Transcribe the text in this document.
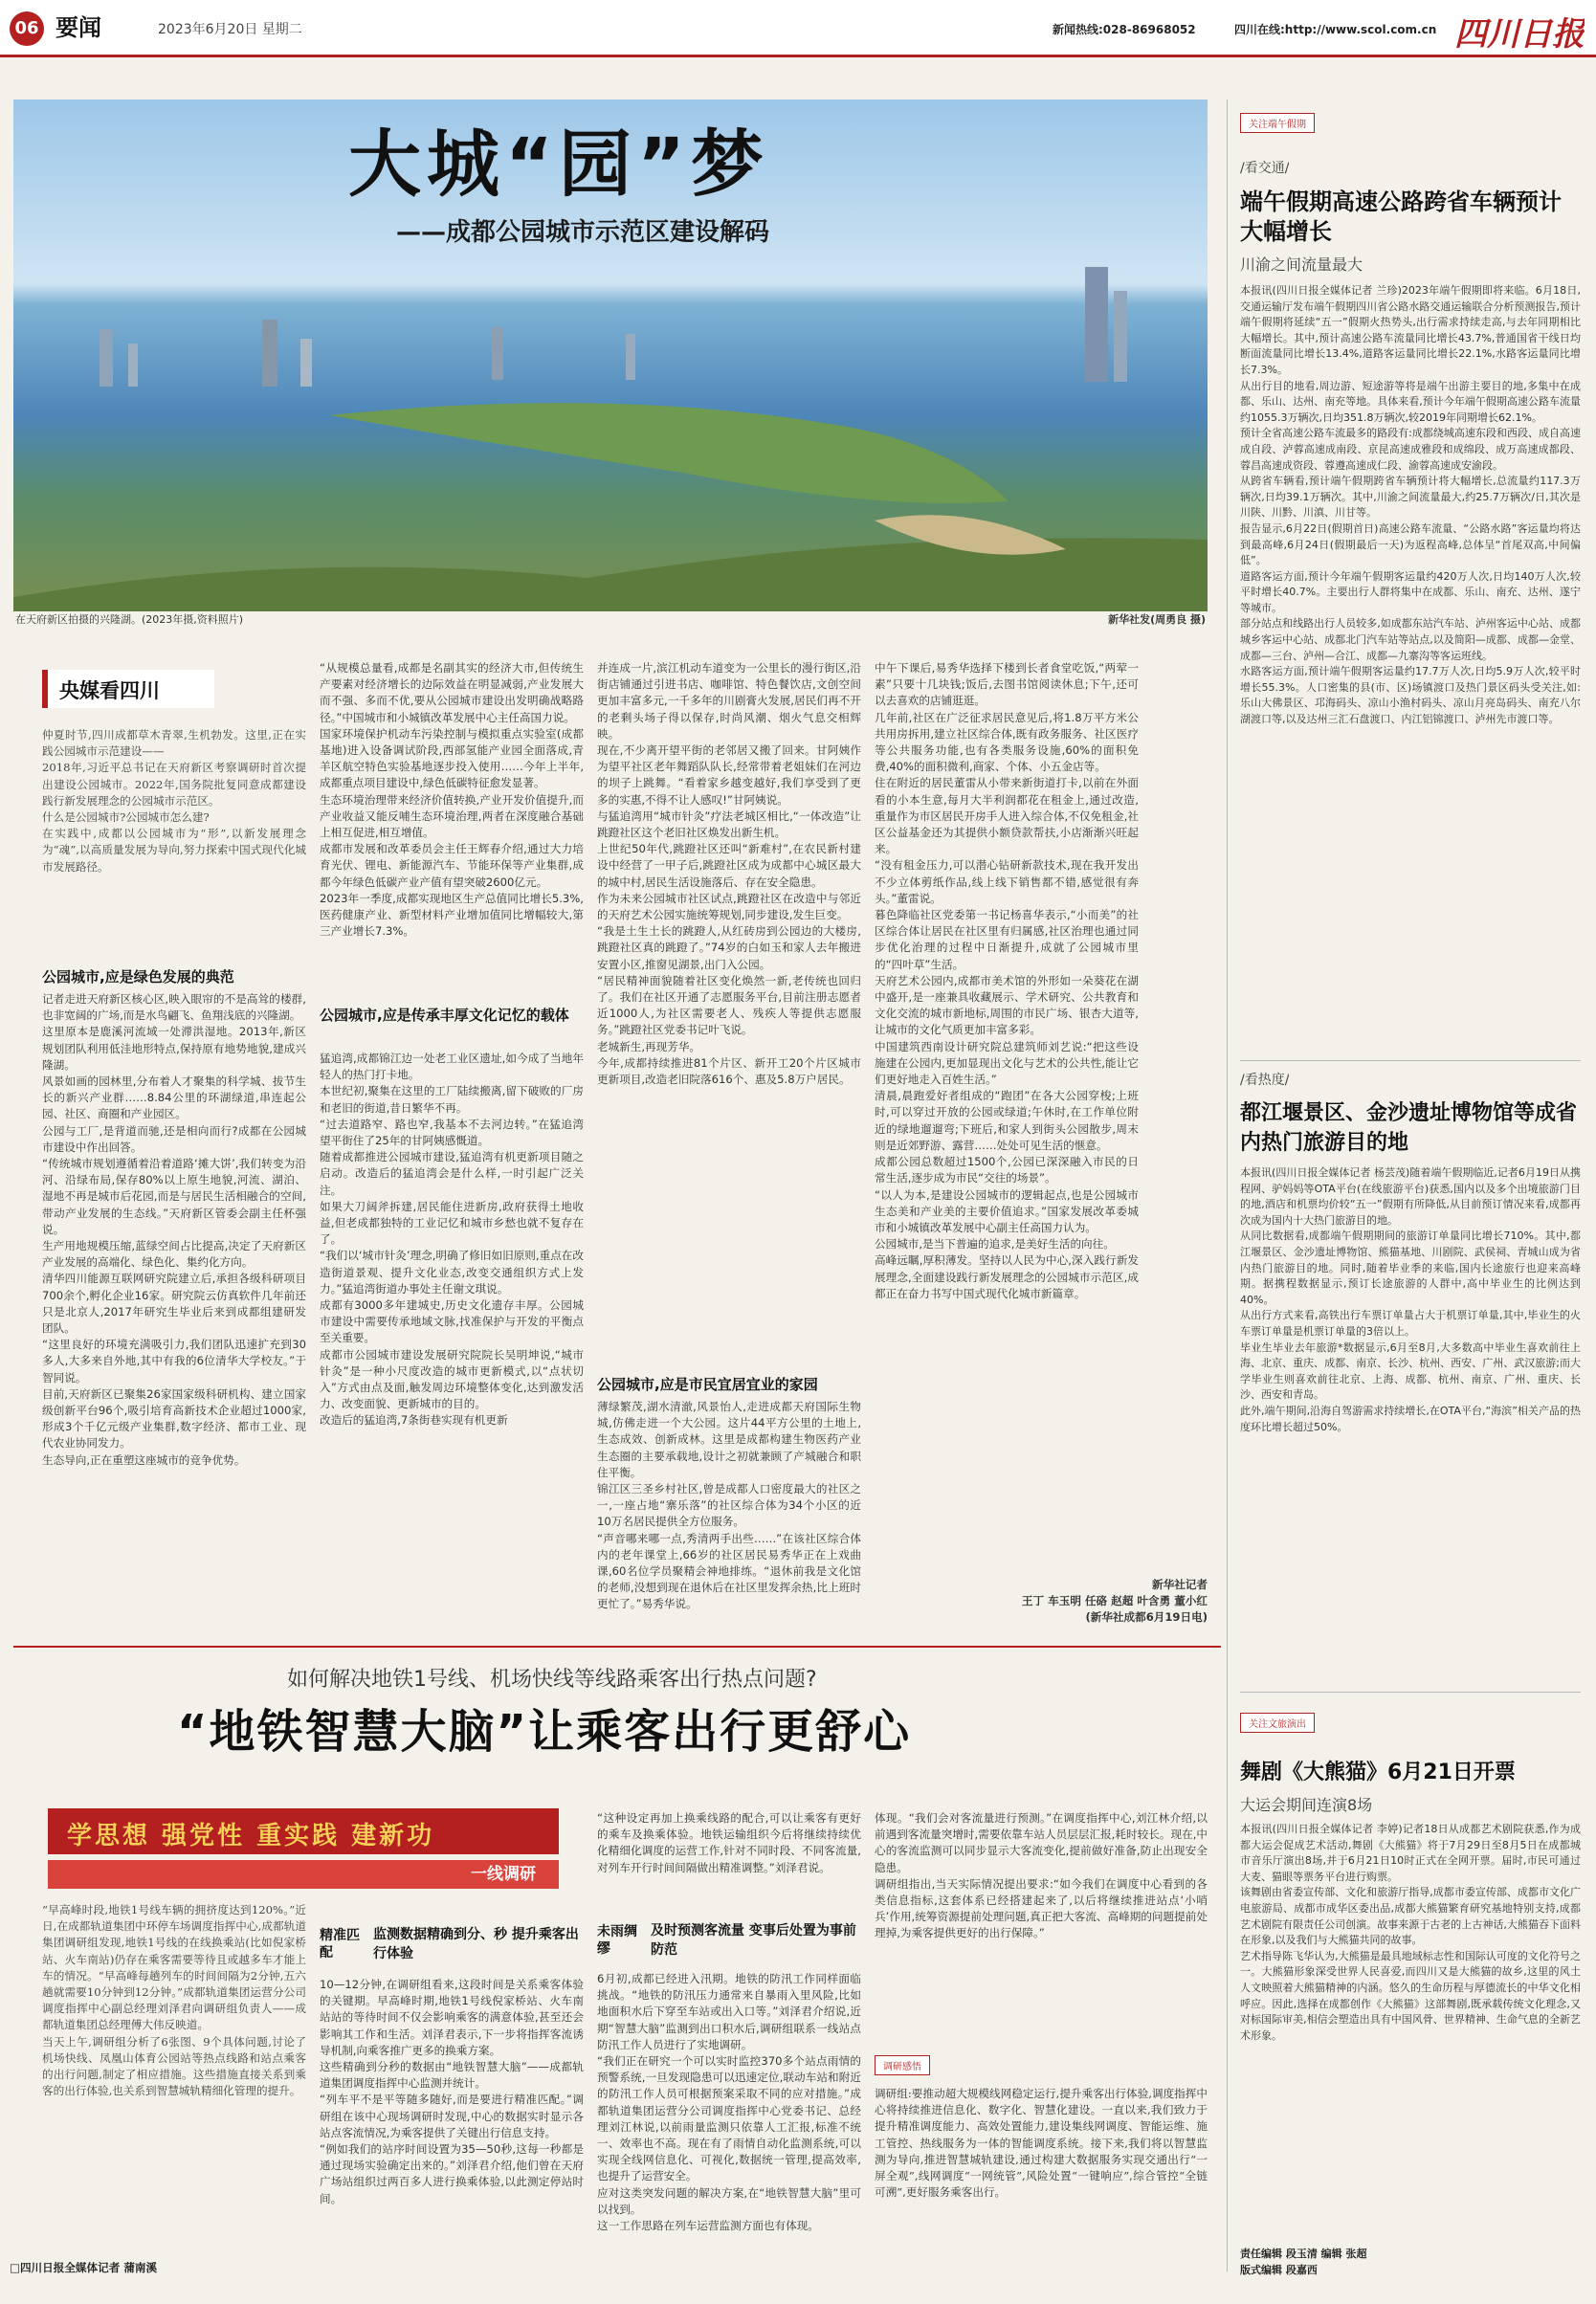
06 要闻	2023年6月20日 星期二	新闻热线:028-86968052	四川在线:http://www.scol.com.cn 四川日报
大城“园”梦
——成都公园城市示范区建设解码
在天府新区拍摄的兴隆湖。(2023年摄,资料照片)	新华社发(周勇良 摄)
央媒看四川
仲夏时节,四川成都草木青翠,生机勃发。这里,正在实践公园城市示范建设——
2018年,习近平总书记在天府新区考察调研时首次提出建设公园城市。2022年,国务院批复同意成都建设践行新发展理念的公园城市示范区。
什么是公园城市?公园城市怎么建?
在实践中,成都以公园城市为“形”,以新发展理念为“魂”,以高质量发展为导向,努力探索中国式现代化城市发展路径。
公园城市,应是绿色发展的典范
记者走进天府新区核心区,映入眼帘的不是高耸的楼群,也非宽阔的广场,而是水鸟翩飞、鱼翔浅底的兴隆湖。
这里原本是鹿溪河流域一处滞洪湿地。2013年,新区规划团队利用低洼地形特点,保持原有地势地貌,建成兴隆湖。
风景如画的园林里,分布着人才聚集的科学城、拔节生长的新兴产业群……8.84公里的环湖绿道,串连起公园、社区、商圈和产业园区。
公园与工厂,是背道而驰,还是相向而行?成都在公园城市建设中作出回答。
“传统城市规划遵循着沿着道路‘摊大饼’,我们转变为沿河、沿绿布局,保存80%以上原生地貌,河流、湖泊、湿地不再是城市后花园,而是与居民生活相融合的空间,带动产业发展的生态线。”天府新区管委会副主任杯强说。
生产用地规模压缩,蓝绿空间占比提高,决定了天府新区产业发展的高端化、绿色化、集约化方向。
清华四川能源互联网研究院建立后,承担各级科研项目700余个,孵化企业16家。研究院云仿真软件几年前还只是北京人,2017年研究生毕业后来到成都组建研发团队。
“这里良好的环境充满吸引力,我们团队迅速扩充到30多人,大多来自外地,其中有我的6位清华大学校友。”于智同说。
目前,天府新区已聚集26家国家级科研机构、建立国家级创新平台96个,吸引培育高新技术企业超过1000家,形成3个千亿元级产业集群,数字经济、都市工业、现代农业协同发力。
生态导向,正在重塑这座城市的竞争优势。
“从规模总量看,成都是名副其实的经济大市,但传统生产要素对经济增长的边际效益在明显减弱,产业发展大而不强、多而不优,要从公园城市建设出发明确战略路径。”中国城市和小城镇改革发展中心主任高国力说。
国家环境保护机动车污染控制与模拟重点实验室(成都基地)进入设备调试阶段,西部氢能产业园全面落成,青羊区航空特色实验基地逐步投入使用……今年上半年,成都重点项目建设中,绿色低碳特征愈发显著。
生态环境治理带来经济价值转换,产业开发价值提升,而产业收益又能反哺生态环境治理,两者在深度融合基础上相互促进,相互增值。
成都市发展和改革委员会主任王辉春介绍,通过大力培育光伏、锂电、新能源汽车、节能环保等产业集群,成都今年绿色低碳产业产值有望突破2600亿元。
2023年一季度,成都实现地区生产总值同比增长5.3%,医药健康产业、新型材料产业增加值同比增幅较大,第三产业增长7.3%。
公园城市,应是传承丰厚文化记忆的载体
猛追湾,成都锦江边一处老工业区遗址,如今成了当地年轻人的热门打卡地。
本世纪初,聚集在这里的工厂陆续搬离,留下破败的厂房和老旧的街道,昔日繁华不再。
“过去道路窄、路也窄,我基本不去河边转。”在猛追湾望平街住了25年的甘阿姨感慨道。
随着成都推进公园城市建设,猛追湾有机更新项目随之启动。改造后的猛追湾会是什么样,一时引起广泛关注。
如果大刀阔斧拆建,居民能住进新房,政府获得土地收益,但老成都独特的工业记忆和城市乡愁也就不复存在了。
“我们以‘城市针灸’理念,明确了修旧如旧原则,重点在改造街道景观、提升文化业态,改变交通组织方式上发力。”猛追湾街道办事处主任谢文琪说。
成都有3000多年建城史,历史文化遗存丰厚。公园城市建设中需要传承地域文脉,找准保护与开发的平衡点至关重要。
成都市公园城市建设发展研究院院长吴明坤说,“城市针灸”是一种小尺度改造的城市更新模式,以“点状切入”方式由点及面,触发周边环境整体变化,达到激发活力、改变面貌、更新城市的目的。
改造后的猛追湾,7条街巷实现有机更新
并连成一片,滨江机动车道变为一公里长的漫行街区,沿街店铺通过引进书店、咖啡馆、特色餐饮店,文创空间更加丰富多元,一千多年的川剧膏火发展,居民们再不开的老剩头场子得以保存,时尚风潮、烟火气息交相辉映。
现在,不少离开望平街的老邻居又搬了回来。甘阿姨作为望平社区老年舞蹈队队长,经常带着老姐妹们在河边的坝子上跳舞。“看着家乡越变越好,我们享受到了更多的实惠,不得不让人感叹!”甘阿姨说。
与猛追湾用“城市针灸”疗法老城区相比,“一体改造”让跳蹬社区这个老旧社区焕发出新生机。
上世纪50年代,跳蹬社区还叫“新难村”,在农民新村建设中经营了一甲子后,跳蹬社区成为成都中心城区最大的城中村,居民生活设施落后、存在安全隐患。
作为未来公园城市社区试点,跳蹬社区在改造中与邻近的天府艺术公园实施统筹规划,同步建设,发生巨变。
“我是土生土长的跳蹬人,从红砖房到公园边的大楼房,跳蹬社区真的跳蹬了。”74岁的白如玉和家人去年搬进安置小区,推窗见湖景,出门入公园。
“居民精神面貌随着社区变化焕然一新,老传统也回归了。我们在社区开通了志愿服务平台,目前注册志愿者近1000人,为社区需要老人、残疾人等提供志愿服务。”跳蹬社区党委书记叶飞说。
老城新生,再现芳华。
今年,成都持续推进81个片区、新开工20个片区城市更新项目,改造老旧院落616个、惠及5.8万户居民。
公园城市,应是市民宜居宜业的家园
薄绿繁茂,湖水清澈,风景怡人,走进成都天府国际生物城,仿佛走进一个大公园。这片44平方公里的土地上,生态成效、创新成林。这里是成都构建生物医药产业生态圈的主要承载地,设计之初就兼顾了产城融合和职住平衡。
锦江区三圣乡村社区,曾是成都人口密度最大的社区之一,一座占地“寨乐落”的社区综合体为34个小区的近10万名居民提供全方位服务。
“声音哪来哪一点,秀清两手出些……”在该社区综合体内的老年课堂上,66岁的社区居民易秀华正在上戏曲课,60名位学员聚精会神地排练。“退休前我是文化馆的老师,没想到现在退休后在社区里发挥余热,比上班时更忙了。”易秀华说。
中午下课后,易秀华选择下楼到长者食堂吃饭,“两荤一素”只要十几块钱;饭后,去图书馆阅读休息;下午,还可以去喜欢的店铺逛逛。
几年前,社区在广泛征求居民意见后,将1.8万平方米公共用房拆用,建立社区综合体,既有政务服务、社区医疗等公共服务功能,也有各类服务设施,60%的面积免费,40%的面积微利,商家、个体、小五金店等。
住在附近的居民董雷从小带来新街道打卡,以前在外面看的小本生意,每月大半利润都花在租金上,通过改造,重量作为市区居民开房手人进入综合体,不仅免租金,社区公益基金还为其提供小额贷款帮扶,小店渐渐兴旺起来。
“没有租金压力,可以潜心钻研新款技术,现在我开发出不少立体剪纸作品,线上线下销售都不错,感觉很有奔头。”董雷说。
暮色降临社区党委第一书记杨喜华表示,“小而美”的社区综合体让居民在社区里有归属感,社区治理也通过同步优化治理的过程中日渐提升,成就了公园城市里的“四叶草”生活。
天府艺术公园内,成都市美术馆的外形如一朵葵花在湖中盛开,是一座兼具收藏展示、学术研究、公共教育和文化交流的城市新地标,周围的市民广场、银杏大道等,让城市的文化气质更加丰富多彩。
中国建筑西南设计研究院总建筑师刘艺说:“把这些设施建在公园内,更加显现出文化与艺术的公共性,能让它们更好地走入百姓生活。”
清晨,晨跑爱好者组成的“跑团”在各大公园穿梭;上班时,可以穿过开放的公园或绿道;午休时,在工作单位附近的绿地遛遛弯;下班后,和家人到街头公园散步,周末则是近郊野游、露营……处处可见生活的惬意。
成都公园总数超过1500个,公园已深深融入市民的日常生活,逐步成为市民“交往的场景”。
“以人为本,是建设公园城市的逻辑起点,也是公园城市生态美和产业美的主要价值追求。”国家发展改革委城市和小城镇改革发展中心副主任高国力认为。
公园城市,是当下普遍的追求,是美好生活的向往。
高峰远瞩,厚积薄发。坚持以人民为中心,深入践行新发展理念,全面建设践行新发展理念的公园城市示范区,成都正在奋力书写中国式现代化城市新篇章。
新华社记者
王丁 车玉明 任硌 赵超 叶含勇 董小红
(新华社成都6月19日电)
关注端午假期
/看交通/
端午假期高速公路跨省车辆预计大幅增长
川渝之间流量最大
本报讯(四川日报全媒体记者 兰珍)2023年端午假期即将来临。6月18日,交通运输厅发布端午假期四川省公路水路交通运输联合分析预测报告,预计端午假期将延续“五一”假期火热势头,出行需求持续走高,与去年同期相比大幅增长。其中,预计高速公路车流量同比增长43.7%,普通国省干线日均断面流量同比增长13.4%,道路客运量同比增长22.1%,水路客运量同比增长7.3%。
从出行目的地看,周边游、短途游等将是端午出游主要目的地,多集中在成都、乐山、达州、南充等地。具体来看,预计今年端午假期高速公路车流量约1055.3万辆次,日均351.8万辆次,较2019年同期增长62.1%。
预计全省高速公路车流最多的路段有:成都绕城高速东段和西段、成自高速成自段、泸蓉高速成南段、京昆高速成雅段和成绵段、成万高速成都段、蓉昌高速成资段、蓉遵高速成仁段、渝蓉高速成安渝段。
从跨省车辆看,预计端午假期跨省车辆预计将大幅增长,总流量约117.3万辆次,日均39.1万辆次。其中,川渝之间流量最大,约25.7万辆次/日,其次是川陕、川黔、川滇、川甘等。
报告显示,6月22日(假期首日)高速公路车流量、“公路水路”客运量均将达到最高峰,6月24日(假期最后一天)为返程高峰,总体呈“首尾双高,中间偏低”。
道路客运方面,预计今年端午假期客运量约420万人次,日均140万人次,较平时增长40.7%。主要出行人群将集中在成都、乐山、南充、达州、遂宁等城市。
部分站点和线路出行人员较多,如成都东站汽车站、泸州客运中心站、成都城乡客运中心站、成都北门汽车站等站点,以及简阳—成都、成都—金堂、成都—三台、泸州—合江、成都—九寨沟等客运班线。
水路客运方面,预计端午假期客运量约17.7万人次,日均5.9万人次,较平时增长55.3%。人口密集的县(市、区)场镇渡口及热门景区码头受关注,如:乐山大佛景区、邛海码头、凉山小渔村码头、凉山月亮岛码头、南充八尔湖渡口等,以及达州三汇石盘渡口、内江铝锦渡口、泸州先市渡口等。
/看热度/
都江堰景区、金沙遗址博物馆等成省内热门旅游目的地
本报讯(四川日报全媒体记者 杨芸茂)随着端午假期临近,记者6月19日从携程网、驴妈妈等OTA平台(在线旅游平台)获悉,国内以及多个出境旅游门目的地,酒店和机票均价较“五一”假期有所降低,从目前预订情况来看,成都再次成为国内十大热门旅游目的地。
从同比数据看,成都端午假期期间的旅游订单量同比增长710%。其中,都江堰景区、金沙遗址博物馆、熊猫基地、川剧院、武侯祠、青城山成为省内热门旅游目的地。同时,随着毕业季的来临,国内长途旅行也迎来高峰期。据携程数据显示,预订长途旅游的人群中,高中毕业生的比例达到40%。
从出行方式来看,高铁出行车票订单量占大于机票订单量,其中,毕业生的火车票订单量是机票订单量的3倍以上。
毕业生毕业去年旅游*数据显示,6月至8月,大多数高中毕业生喜欢前往上海、北京、重庆、成都、南京、长沙、杭州、西安、广州、武汉旅游;而大学毕业生则喜欢前往北京、上海、成都、杭州、南京、广州、重庆、长沙、西安和青岛。
此外,端午期间,沿海自驾游需求持续增长,在OTA平台,“海滨”相关产品的热度环比增长超过50%。
关注文旅演出
舞剧《大熊猫》6月21日开票
大运会期间连演8场
本报讯(四川日报全媒体记者 李婷)记者18日从成都艺术剧院获悉,作为成都大运会促成艺术活动,舞剧《大熊猫》将于7月29日至8月5日在成都城市音乐厅演出8场,并于6月21日10时正式在全网开票。届时,市民可通过大麦、猫眼等票务平台进行购票。
该舞剧由省委宣传部、文化和旅游厅指导,成都市委宣传部、成都市文化广电旅游局、成都市成华区委出品,成都大熊猫繁育研究基地特别支持,成都艺术剧院有限责任公司创演。故事来源于古老的上古神话,大熊猫吞下面料在形象,以及我们与大熊猫共同的故事。
艺术指导陈飞华认为,大熊猫是最具地域标志性和国际认可度的文化符号之一。大熊猫形象深受世界人民喜爱,而四川又是大熊猫的故乡,这里的风土人文映照着大熊猫精神的内涵。悠久的生命历程与厚德流长的中华文化相呼应。因此,选择在成都创作《大熊猫》这部舞剧,既承载传统文化理念,又对标国际审美,相信会塑造出具有中国风骨、世界精神、生命气息的全新艺术形象。
责任编辑 段玉清 编辑 张超
版式编辑 段嘉西
如何解决地铁1号线、机场快线等线路乘客出行热点问题?
“地铁智慧大脑”让乘客出行更舒心
学思想 强党性 重实践 建新功
一线调研
“早高峰时段,地铁1号线车辆的拥挤度达到120%。”近日,在成都轨道集团中环停车场调度指挥中心,成都轨道集团调研组发现,地铁1号线的在线换乘站(比如倪家桥站、火车南站)仍存在乘客需要等待且或越多车才能上车的情况。“早高峰每趟列车的时间间隔为2分钟,五六趟就需要10分钟到12分钟。”成都轨道集团运营分公司调度指挥中心副总经理刘泽君向调研组负责人——成都轨道集团总经理傅大伟反映道。
当天上午,调研组分析了6张图、9个具体问题,讨论了机场快线、凤凰山体育公园站等热点线路和站点乘客的出行问题,制定了相应措施。这些措施直接关系到乘客的出行体验,也关系到智慧城轨精细化管理的提升。
□四川日报全媒体记者 蒲南溪
精准匹配
监测数据精确到分、秒 提升乘客出行体验
10—12分钟,在调研组看来,这段时间是关系乘客体验的关键期。早高峰时期,地铁1号线倪家桥站、火车南站站的等待时间不仅会影响乘客的满意体验,甚至还会影响其工作和生活。刘泽君表示,下一步将指挥客流诱导机制,向乘客推广更多的换乘方案。
这些精确到分秒的数据由“地铁智慧大脑”——成都轨道集团调度指挥中心监测并统计。
“列车平不是平等随多随好,而是要进行精准匹配。”调研组在该中心现场调研时发现,中心的数据实时显示各站点客流情况,为乘客提供了关键出行信息支持。
“例如我们的站序时间设置为35—50秒,这每一秒都是通过现场实验确定出来的。”刘泽君介绍,他们曾在天府广场站组织过两百多人进行换乘体验,以此测定停站时间。
“这种设定再加上换乘线路的配合,可以让乘客有更好的乘车及换乘体验。地铁运输组织今后将继续持续优化精细化调度的运营工作,针对不同时段、不同客流量,对列车开行时间间隔做出精准调整。”刘泽君说。
未雨绸缪
及时预测客流量 变事后处置为事前防范
6月初,成都已经进入汛期。地铁的防汛工作同样面临挑战。“地铁的防汛压力通常来自暴雨入里风险,比如地面积水后下穿至车站或出入口等。”刘泽君介绍说,近期“智慧大脑”监测到出口积水后,调研组联系一线站点防汛工作人员进行了实地调研。
“我们正在研究一个可以实时监控370多个站点雨情的预警系统,一旦发现隐患可以迅速定位,联动车站和附近的防汛工作人员可根据预案采取不同的应对措施。”成都轨道集团运营分公司调度指挥中心党委书记、总经理刘江林说,以前雨量监测只依靠人工汇报,标准不统一、效率也不高。现在有了雨情自动化监测系统,可以实现全线网信息化、可视化,数据统一管理,提高效率,也提升了运营安全。
应对这类突发问题的解决方案,在“地铁智慧大脑”里可以找到。
这一工作思路在列车运营监测方面也有体现。
体现。“我们会对客流量进行预测。”在调度指挥中心,刘江林介绍,以前遇到客流量突增时,需要依靠车站人员层层汇报,耗时较长。现在,中心的客流监测可以同步显示大客流变化,提前做好准备,防止出现安全隐患。
调研组指出,当天实际情况提出要求:“如今我们在调度中心看到的各类信息指标,这套体系已经搭建起来了,以后将继续推进站点‘小哨兵’作用,统筹资源提前处理问题,真正把大客流、高峰期的问题提前处理掉,为乘客提供更好的出行保障。”
调研感悟
调研组:要推动超大规模线网稳定运行,提升乘客出行体验,调度指挥中心将持续推进信息化、数字化、智慧化建设。一直以来,我们致力于提升精准调度能力、高效处置能力,建设集线网调度、智能运维、施工管控、热线服务为一体的智能调度系统。接下来,我们将以智慧监测为导向,推进智慧城轨建设,通过构建大数据服务实现交通出行“一屏全观”,线网调度“一网统管”,风险处置“一键响应”,综合管控“全链可溯”,更好服务乘客出行。
